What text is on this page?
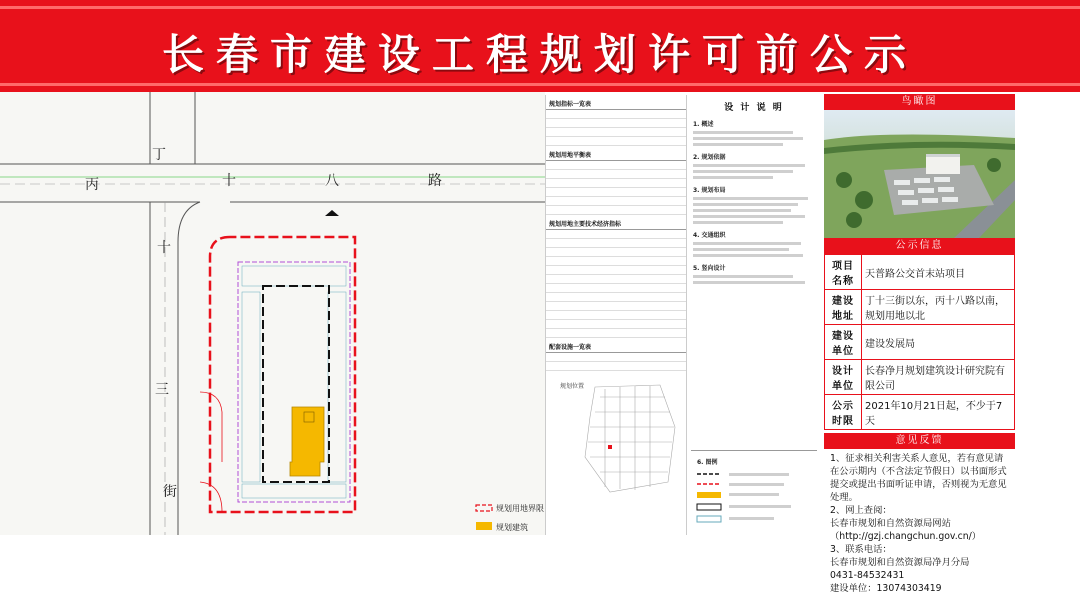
长春市建设工程规划许可前公示
丁
十	八	路
丙
十
三
街
规划用地界限
规划建筑
规划指标一览表

规划用地平衡表

规划用地主要技术经济指标

配套设施一览表

规划位置
设 计 说 明
1. 概述
2. 规划依据
3. 规划布局
4. 交通组织
5. 竖向设计
6. 图例
鸟瞰图
公示信息
项目名称	天普路公交首末站项目
建设地址	丁十三街以东，丙十八路以南，规划用地以北
建设单位	建设发展局
设计单位	长春净月规划建筑设计研究院有限公司
公示时限	2021年10月21日起，不少于7天
意见反馈
1、征求相关利害关系人意见，若有意见请在公示期内（不含法定节假日）以书面形式提交或提出书面听证申请，否则视为无意见处理。
2、网上查阅：
长春市规划和自然资源局网站
（http://gzj.changchun.gov.cn/）
3、联系电话：
长春市规划和自然资源局净月分局
0431-84532431
建设单位：13074303419
